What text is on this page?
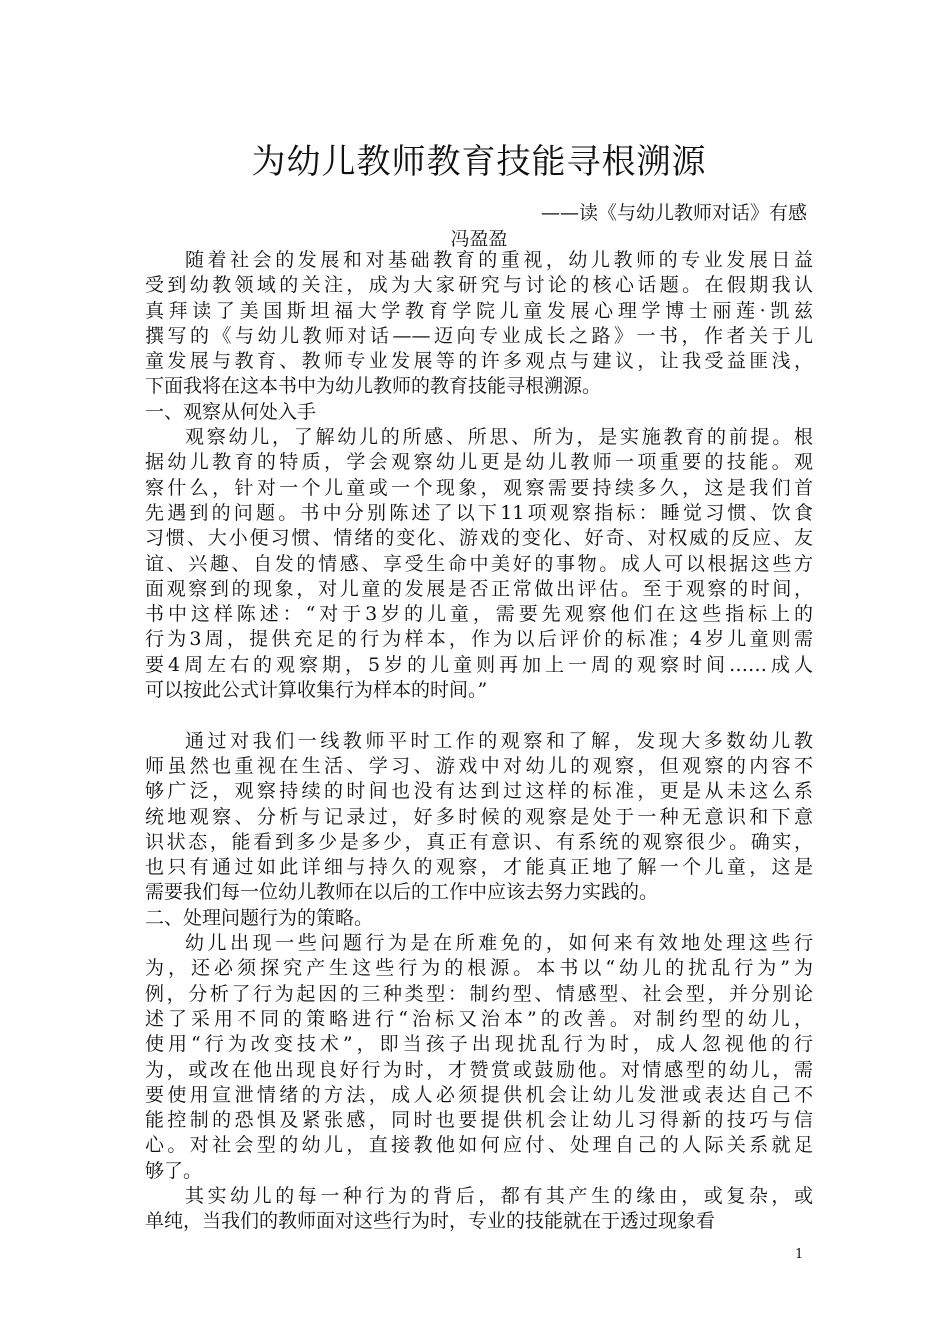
为幼儿教师教育技能寻根溯源
——读《与幼儿教师对话》有感
冯盈盈
随着社会的发展和对基础教育的重视，幼儿教师的专业发展日益
受到幼教领域的关注，成为大家研究与讨论的核心话题。在假期我认
真拜读了美国斯坦福大学教育学院儿童发展心理学博士丽莲·凯兹
撰写的《与幼儿教师对话——迈向专业成长之路》一书，作者关于儿
童发展与教育、教师专业发展等的许多观点与建议，让我受益匪浅，
下面我将在这本书中为幼儿教师的教育技能寻根溯源。
一、观察从何处入手
观察幼儿，了解幼儿的所感、所思、所为，是实施教育的前提。根
据幼儿教育的特质，学会观察幼儿更是幼儿教师一项重要的技能。观
察什么，针对一个儿童或一个现象，观察需要持续多久，这是我们首
先遇到的问题。书中分别陈述了以下11项观察指标：睡觉习惯、饮食
习惯、大小便习惯、情绪的变化、游戏的变化、好奇、对权威的反应、友
谊、兴趣、自发的情感、享受生命中美好的事物。成人可以根据这些方
面观察到的现象，对儿童的发展是否正常做出评估。至于观察的时间，
书中这样陈述：“对于3岁的儿童，需要先观察他们在这些指标上的
行为3周，提供充足的行为样本，作为以后评价的标准；4岁儿童则需
要4周左右的观察期，5岁的儿童则再加上一周的观察时间……成人
可以按此公式计算收集行为样本的时间。”
通过对我们一线教师平时工作的观察和了解，发现大多数幼儿教
师虽然也重视在生活、学习、游戏中对幼儿的观察，但观察的内容不
够广泛，观察持续的时间也没有达到过这样的标准，更是从未这么系
统地观察、分析与记录过，好多时候的观察是处于一种无意识和下意
识状态，能看到多少是多少，真正有意识、有系统的观察很少。确实，
也只有通过如此详细与持久的观察，才能真正地了解一个儿童，这是
需要我们每一位幼儿教师在以后的工作中应该去努力实践的。
二、处理问题行为的策略。
幼儿出现一些问题行为是在所难免的，如何来有效地处理这些行
为，还必须探究产生这些行为的根源。本书以“幼儿的扰乱行为”为
例，分析了行为起因的三种类型：制约型、情感型、社会型，并分别论
述了采用不同的策略进行“治标又治本”的改善。对制约型的幼儿，
使用“行为改变技术”，即当孩子出现扰乱行为时，成人忽视他的行
为，或改在他出现良好行为时，才赞赏或鼓励他。对情感型的幼儿，需
要使用宣泄情绪的方法，成人必须提供机会让幼儿发泄或表达自己不
能控制的恐惧及紧张感，同时也要提供机会让幼儿习得新的技巧与信
心。对社会型的幼儿，直接教他如何应付、处理自己的人际关系就足
够了。
其实幼儿的每一种行为的背后，都有其产生的缘由，或复杂，或
单纯，当我们的教师面对这些行为时，专业的技能就在于透过现象看
1
